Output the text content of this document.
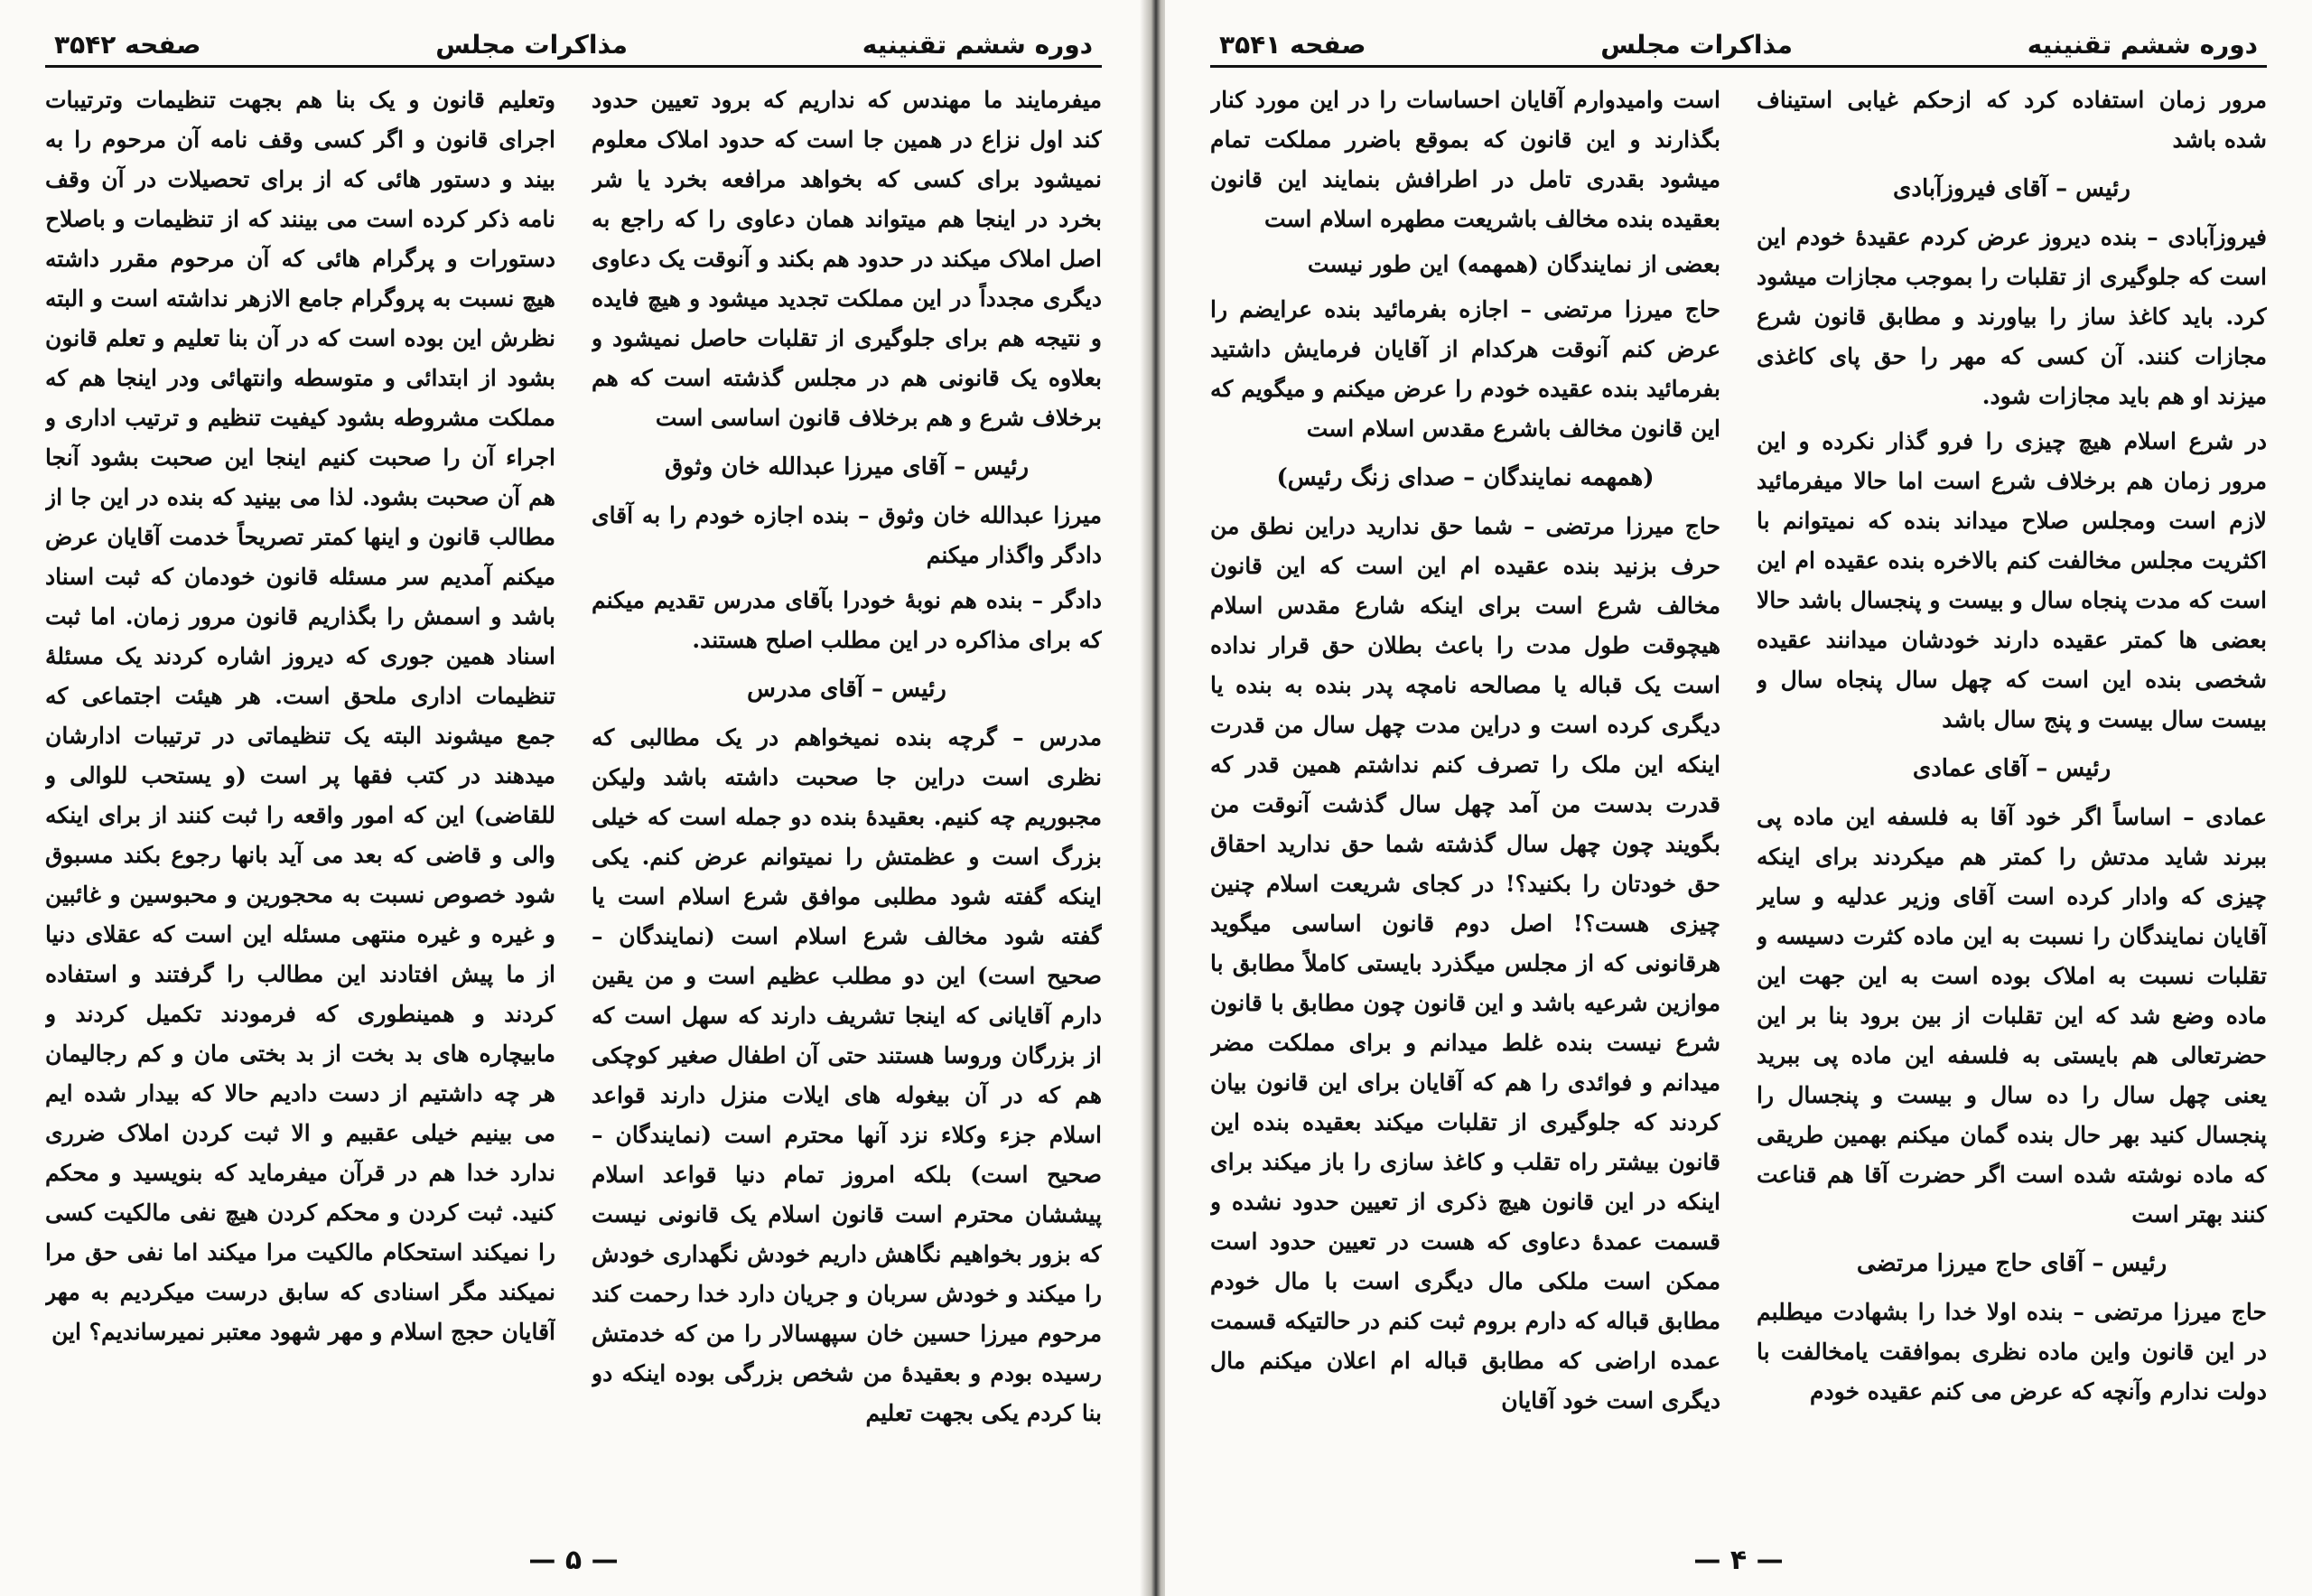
دوره ششم تقنینیه
مذاکرات مجلس
صفحه ۳۵۴۲

میفرمایند ما مهندس که نداریم که برود تعیین حدود کند اول نزاع در همین جا است که حدود املاک معلوم نمیشود برای کسی که بخواهد مرافعه بخرد یا شر بخرد در اینجا هم میتواند همان دعاوی را که راجع به اصل املاک میکند در حدود هم بکند و آنوقت یک دعاوی دیگری مجدداً در این مملکت تجدید میشود و هیچ فایده و نتیجه هم برای جلوگیری از تقلبات حاصل نمیشود و بعلاوه یک قانونی هم در مجلس گذشته است که هم برخلاف شرع و هم برخلاف قانون اساسی است

رئیس – آقای میرزا عبدالله خان وثوق

میرزا عبدالله خان وثوق – بنده اجازه خودم را به آقای دادگر واگذار میکنم

دادگر – بنده هم نوبهٔ خودرا بآقای مدرس تقدیم میکنم که برای مذاکره در این مطلب اصلح هستند.

رئیس – آقای مدرس

مدرس – گرچه بنده نمیخواهم در یک مطالبی که نظری است دراین جا صحبت داشته باشد ولیکن مجبوریم چه کنیم. بعقیدهٔ بنده دو جمله است که خیلی بزرگ است و عظمتش را نمیتوانم عرض کنم. یکی اینکه گفته شود مطلبی موافق شرع اسلام است یا گفته شود مخالف شرع اسلام است (نمایندگان – صحیح است) این دو مطلب عظیم است و من یقین دارم آقایانی که اینجا تشریف دارند که سهل است که از بزرگان وروسا هستند حتی آن اطفال صغیر کوچکی هم که در آن بیغوله های ایلات منزل دارند قواعد اسلام جزء وکلاء نزد آنها محترم است (نمایندگان – صحیح است) بلکه امروز تمام دنیا قواعد اسلام پیششان محترم است قانون اسلام یک قانونی نیست که بزور بخواهیم نگاهش داریم خودش نگهداری خودش را میکند و خودش سربان و جریان دارد خدا رحمت کند مرحوم میرزا حسین خان سپهسالار را من که خدمتش رسیده بودم و بعقیدهٔ من شخص بزرگی بوده اینکه دو بنا کردم یکی بجهت تعلیم

وتعلیم قانون و یک بنا هم بجهت تنظیمات وترتیبات اجرای قانون و اگر کسی وقف نامه آن مرحوم را به بیند و دستور هائی که از برای تحصیلات در آن وقف نامه ذکر کرده است می بینند که از تنظیمات و باصلاح دستورات و پرگرام هائی که آن مرحوم مقرر داشته هیچ نسبت به پروگرام جامع الازهر نداشته است و البته نظرش این بوده است که در آن بنا تعلیم و تعلم قانون بشود از ابتدائی و متوسطه وانتهائی ودر اینجا هم که مملکت مشروطه بشود کیفیت تنظیم و ترتیب اداری و اجراء آن را صحبت کنیم اینجا این صحبت بشود آنجا هم آن صحبت بشود. لذا می بینید که بنده در این جا از مطالب قانون و اینها کمتر تصریحاً خدمت آقایان عرض میکنم آمدیم سر مسئله قانون خودمان که ثبت اسناد باشد و اسمش را بگذاریم قانون مرور زمان. اما ثبت اسناد همین جوری که دیروز اشاره کردند یک مسئلهٔ تنظیمات اداری ملحق است. هر هیئت اجتماعی که جمع میشوند البته یک تنظیماتی در ترتیبات ادارشان میدهند در کتب فقها پر است (و یستحب للوالی و للقاضی) این که امور واقعه را ثبت کنند از برای اینکه والی و قاضی که بعد می آید بانها رجوع بکند مسبوق شود خصوص نسبت به محجورین و محبوسین و غائبین و غیره و غیره منتهی مسئله این است که عقلای دنیا از ما پیش افتادند این مطالب را گرفتند و استفاده کردند و همینطوری که فرمودند تکمیل کردند و مابیچاره های بد بخت از بد بختی مان و کم رجالیمان هر چه داشتیم از دست دادیم حالا که بیدار شده ایم می بینیم خیلی عقبیم و الا ثبت کردن املاک ضرری ندارد خدا هم در قرآن میفرماید که بنویسید و محکم کنید. ثبت کردن و محکم کردن هیچ نفی مالکیت کسی را نمیکند استحکام مالکیت مرا میکند اما نفی حق مرا نمیکند مگر اسنادی که سابق درست میکردیم به مهر آقایان حجج اسلام و مهر شهود معتبر نمیرساندیم؟ این

— ۵ —
دوره ششم تقنینیه
مذاکرات مجلس
صفحه ۳۵۴۱

مرور زمان استفاده کرد که ازحکم غیابی استیناف شده باشد

رئیس – آقای فیروزآبادی

فیروزآبادی – بنده دیروز عرض کردم عقیدهٔ خودم این است که جلوگیری از تقلبات را بموجب مجازات میشود کرد. باید کاغذ ساز را بیاورند و مطابق قانون شرع مجازات کنند. آن کسی که مهر را حق پای کاغذی میزند او هم باید مجازات شود.

در شرع اسلام هیچ چیزی را فرو گذار نکرده و این مرور زمان هم برخلاف شرع است اما حالا میفرمائید لازم است ومجلس صلاح میداند بنده که نمیتوانم با اکثریت مجلس مخالفت کنم بالاخره بنده عقیده ام این است که مدت پنجاه سال و بیست و پنجسال باشد حالا بعضی ها کمتر عقیده دارند خودشان میدانند عقیده شخصی بنده این است که چهل سال پنجاه سال و بیست سال بیست و پنج سال باشد

رئیس – آقای عمادی

عمادی – اساساً اگر خود آقا به فلسفه این ماده پی ببرند شاید مدتش را کمتر هم میکردند برای اینکه چیزی که وادار کرده است آقای وزیر عدلیه و سایر آقایان نمایندگان را نسبت به این ماده کثرت دسیسه و تقلبات نسبت به املاک بوده است به این جهت این ماده وضع شد که این تقلبات از بین برود بنا بر این حضرتعالی هم بایستی به فلسفه این ماده پی ببرید یعنی چهل سال را ده سال و بیست و پنجسال را پنجسال کنید بهر حال بنده گمان میکنم بهمین طریقی که ماده نوشته شده است اگر حضرت آقا هم قناعت کنند بهتر است

رئیس – آقای حاج میرزا مرتضی

حاج میرزا مرتضی – بنده اولا خدا را بشهادت میطلبم در این قانون واین ماده نظری بموافقت یامخالفت با دولت ندارم وآنچه که عرض می کنم عقیده خودم

است وامیدوارم آقایان احساسات را در این مورد کنار بگذارند و این قانون که بموقع باضرر مملکت تمام میشود بقدری تامل در اطرافش بنمایند این قانون بعقیده بنده مخالف باشریعت مطهره اسلام است

بعضی از نمایندگان (همهمه) این طور نیست

حاج میرزا مرتضی – اجازه بفرمائید بنده عرایضم را عرض کنم آنوقت هرکدام از آقایان فرمایش داشتید بفرمائید بنده عقیده خودم را عرض میکنم و میگویم که این قانون مخالف باشرع مقدس اسلام است

(همهمه نمایندگان – صدای زنگ رئیس)

حاج میرزا مرتضی – شما حق ندارید دراین نطق من حرف بزنید بنده عقیده ام این است که این قانون مخالف شرع است برای اینکه شارع مقدس اسلام هیچوقت طول مدت را باعث بطلان حق قرار نداده است یک قباله یا مصالحه نامچه پدر بنده به بنده یا دیگری کرده است و دراین مدت چهل سال من قدرت اینکه این ملک را تصرف کنم نداشتم همین قدر که قدرت بدست من آمد چهل سال گذشت آنوقت من بگویند چون چهل سال گذشته شما حق ندارید احقاق حق خودتان را بکنید؟! در کجای شریعت اسلام چنین چیزی هست؟! اصل دوم قانون اساسی میگوید هرقانونی که از مجلس میگذرد بایستی کاملاً مطابق با موازین شرعیه باشد و این قانون چون مطابق با قانون شرع نیست بنده غلط میدانم و برای مملکت مضر میدانم و فوائدی را هم که آقایان برای این قانون بیان کردند که جلوگیری از تقلبات میکند بعقیده بنده این قانون بیشتر راه تقلب و کاغذ سازی را باز میکند برای اینکه در این قانون هیچ ذکری از تعیین حدود نشده و قسمت عمدهٔ دعاوی که هست در تعیین حدود است ممکن است ملکی مال دیگری است با مال خودم مطابق قباله که دارم بروم ثبت کنم در حالتیکه قسمت عمده اراضی که مطابق قباله ام اعلان میکنم مال دیگری است خود آقایان

— ۴ —
